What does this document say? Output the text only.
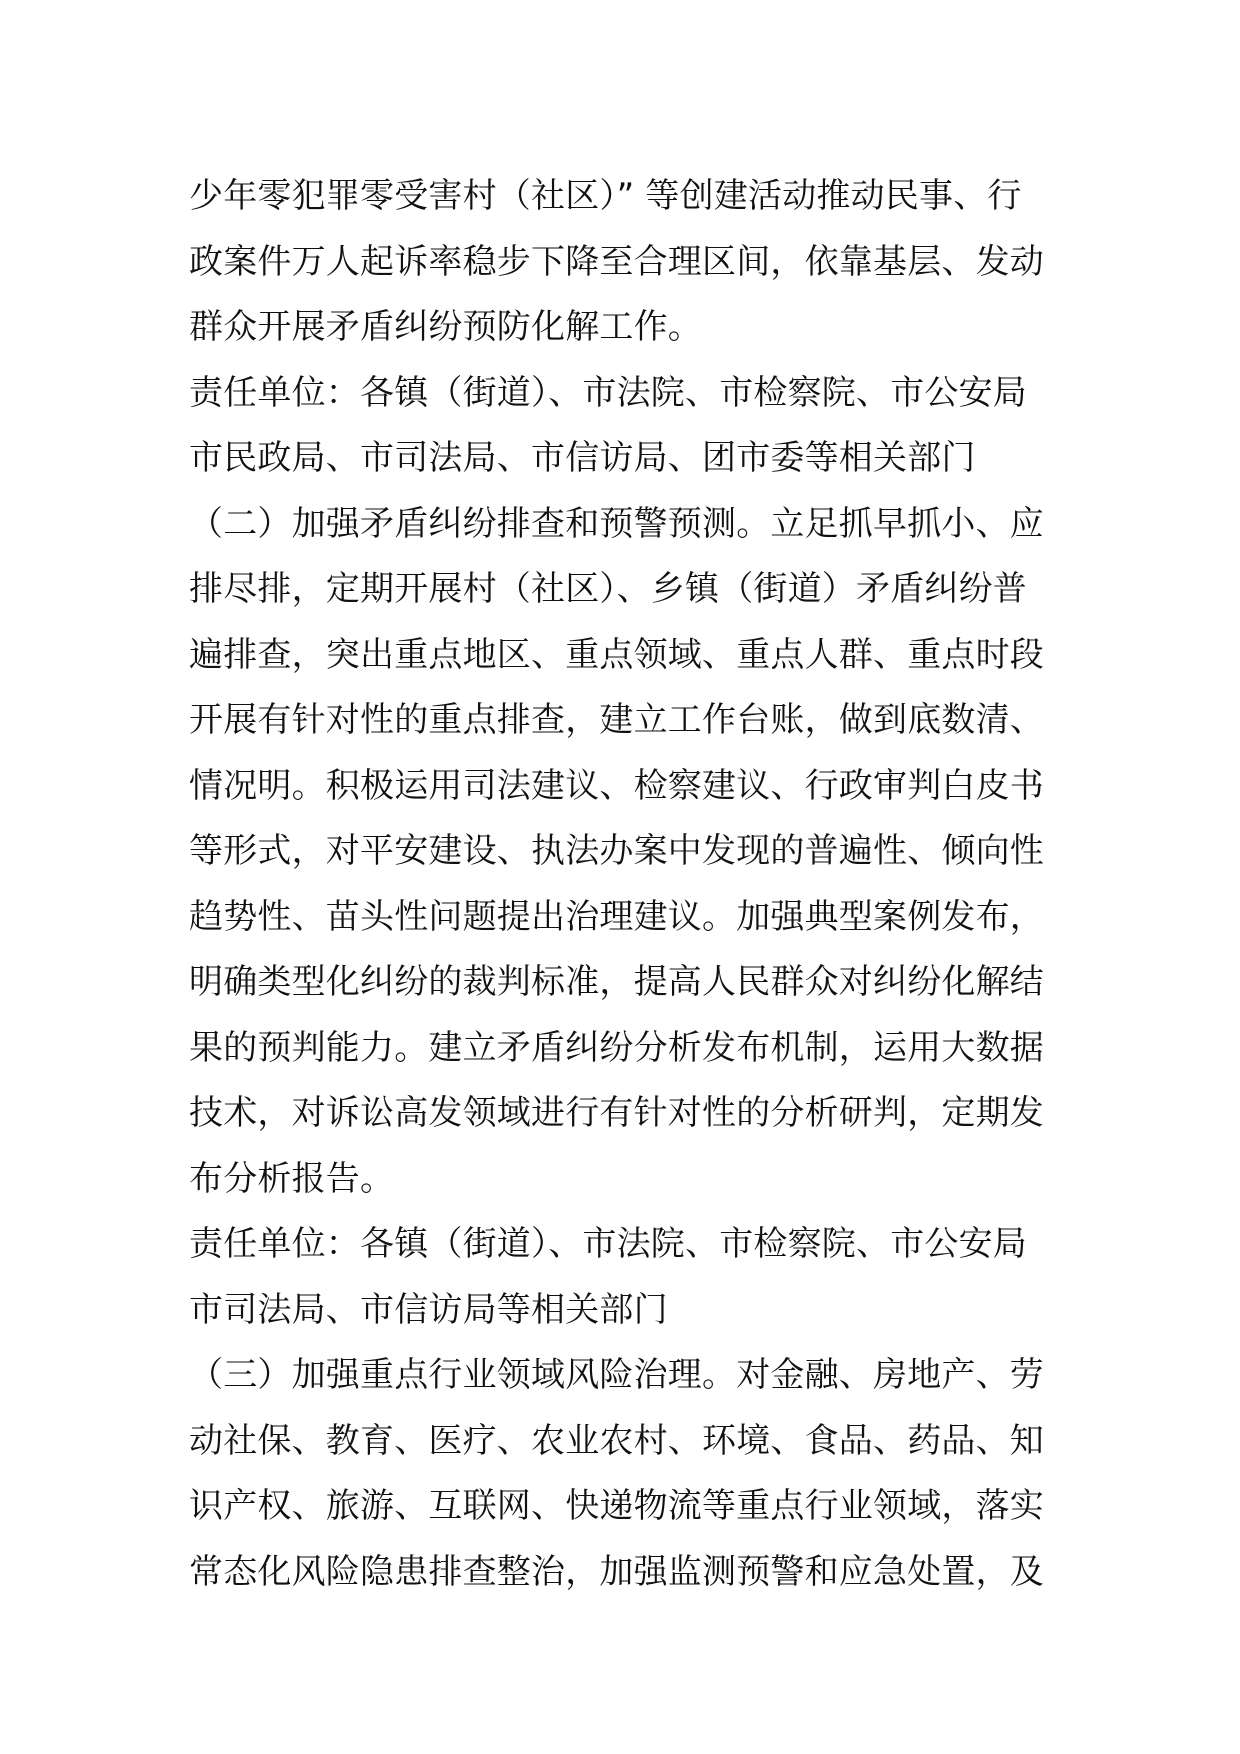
少年零犯罪零受害村（社区）” 等创建活动推动民事、行
政案件万人起诉率稳步下降至合理区间，依靠基层、发动
群众开展矛盾纠纷预防化解工作。
责任单位：各镇（街道）、市法院、市检察院、市公安局
市民政局、市司法局、市信访局、团市委等相关部门
（二）加强矛盾纠纷排查和预警预测。立足抓早抓小、应
排尽排，定期开展村（社区）、乡镇（街道）矛盾纠纷普
遍排查，突出重点地区、重点领域、重点人群、重点时段
开展有针对性的重点排查，建立工作台账，做到底数清、
情况明。积极运用司法建议、检察建议、行政审判白皮书
等形式，对平安建设、执法办案中发现的普遍性、倾向性
趋势性、苗头性问题提出治理建议。加强典型案例发布，
明确类型化纠纷的裁判标准，提高人民群众对纠纷化解结
果的预判能力。建立矛盾纠纷分析发布机制，运用大数据
技术，对诉讼高发领域进行有针对性的分析研判，定期发
布分析报告。
责任单位：各镇（街道）、市法院、市检察院、市公安局
市司法局、市信访局等相关部门
（三）加强重点行业领域风险治理。对金融、房地产、劳
动社保、教育、医疗、农业农村、环境、食品、药品、知
识产权、旅游、互联网、快递物流等重点行业领域，落实
常态化风险隐患排查整治，加强监测预警和应急处置，及
